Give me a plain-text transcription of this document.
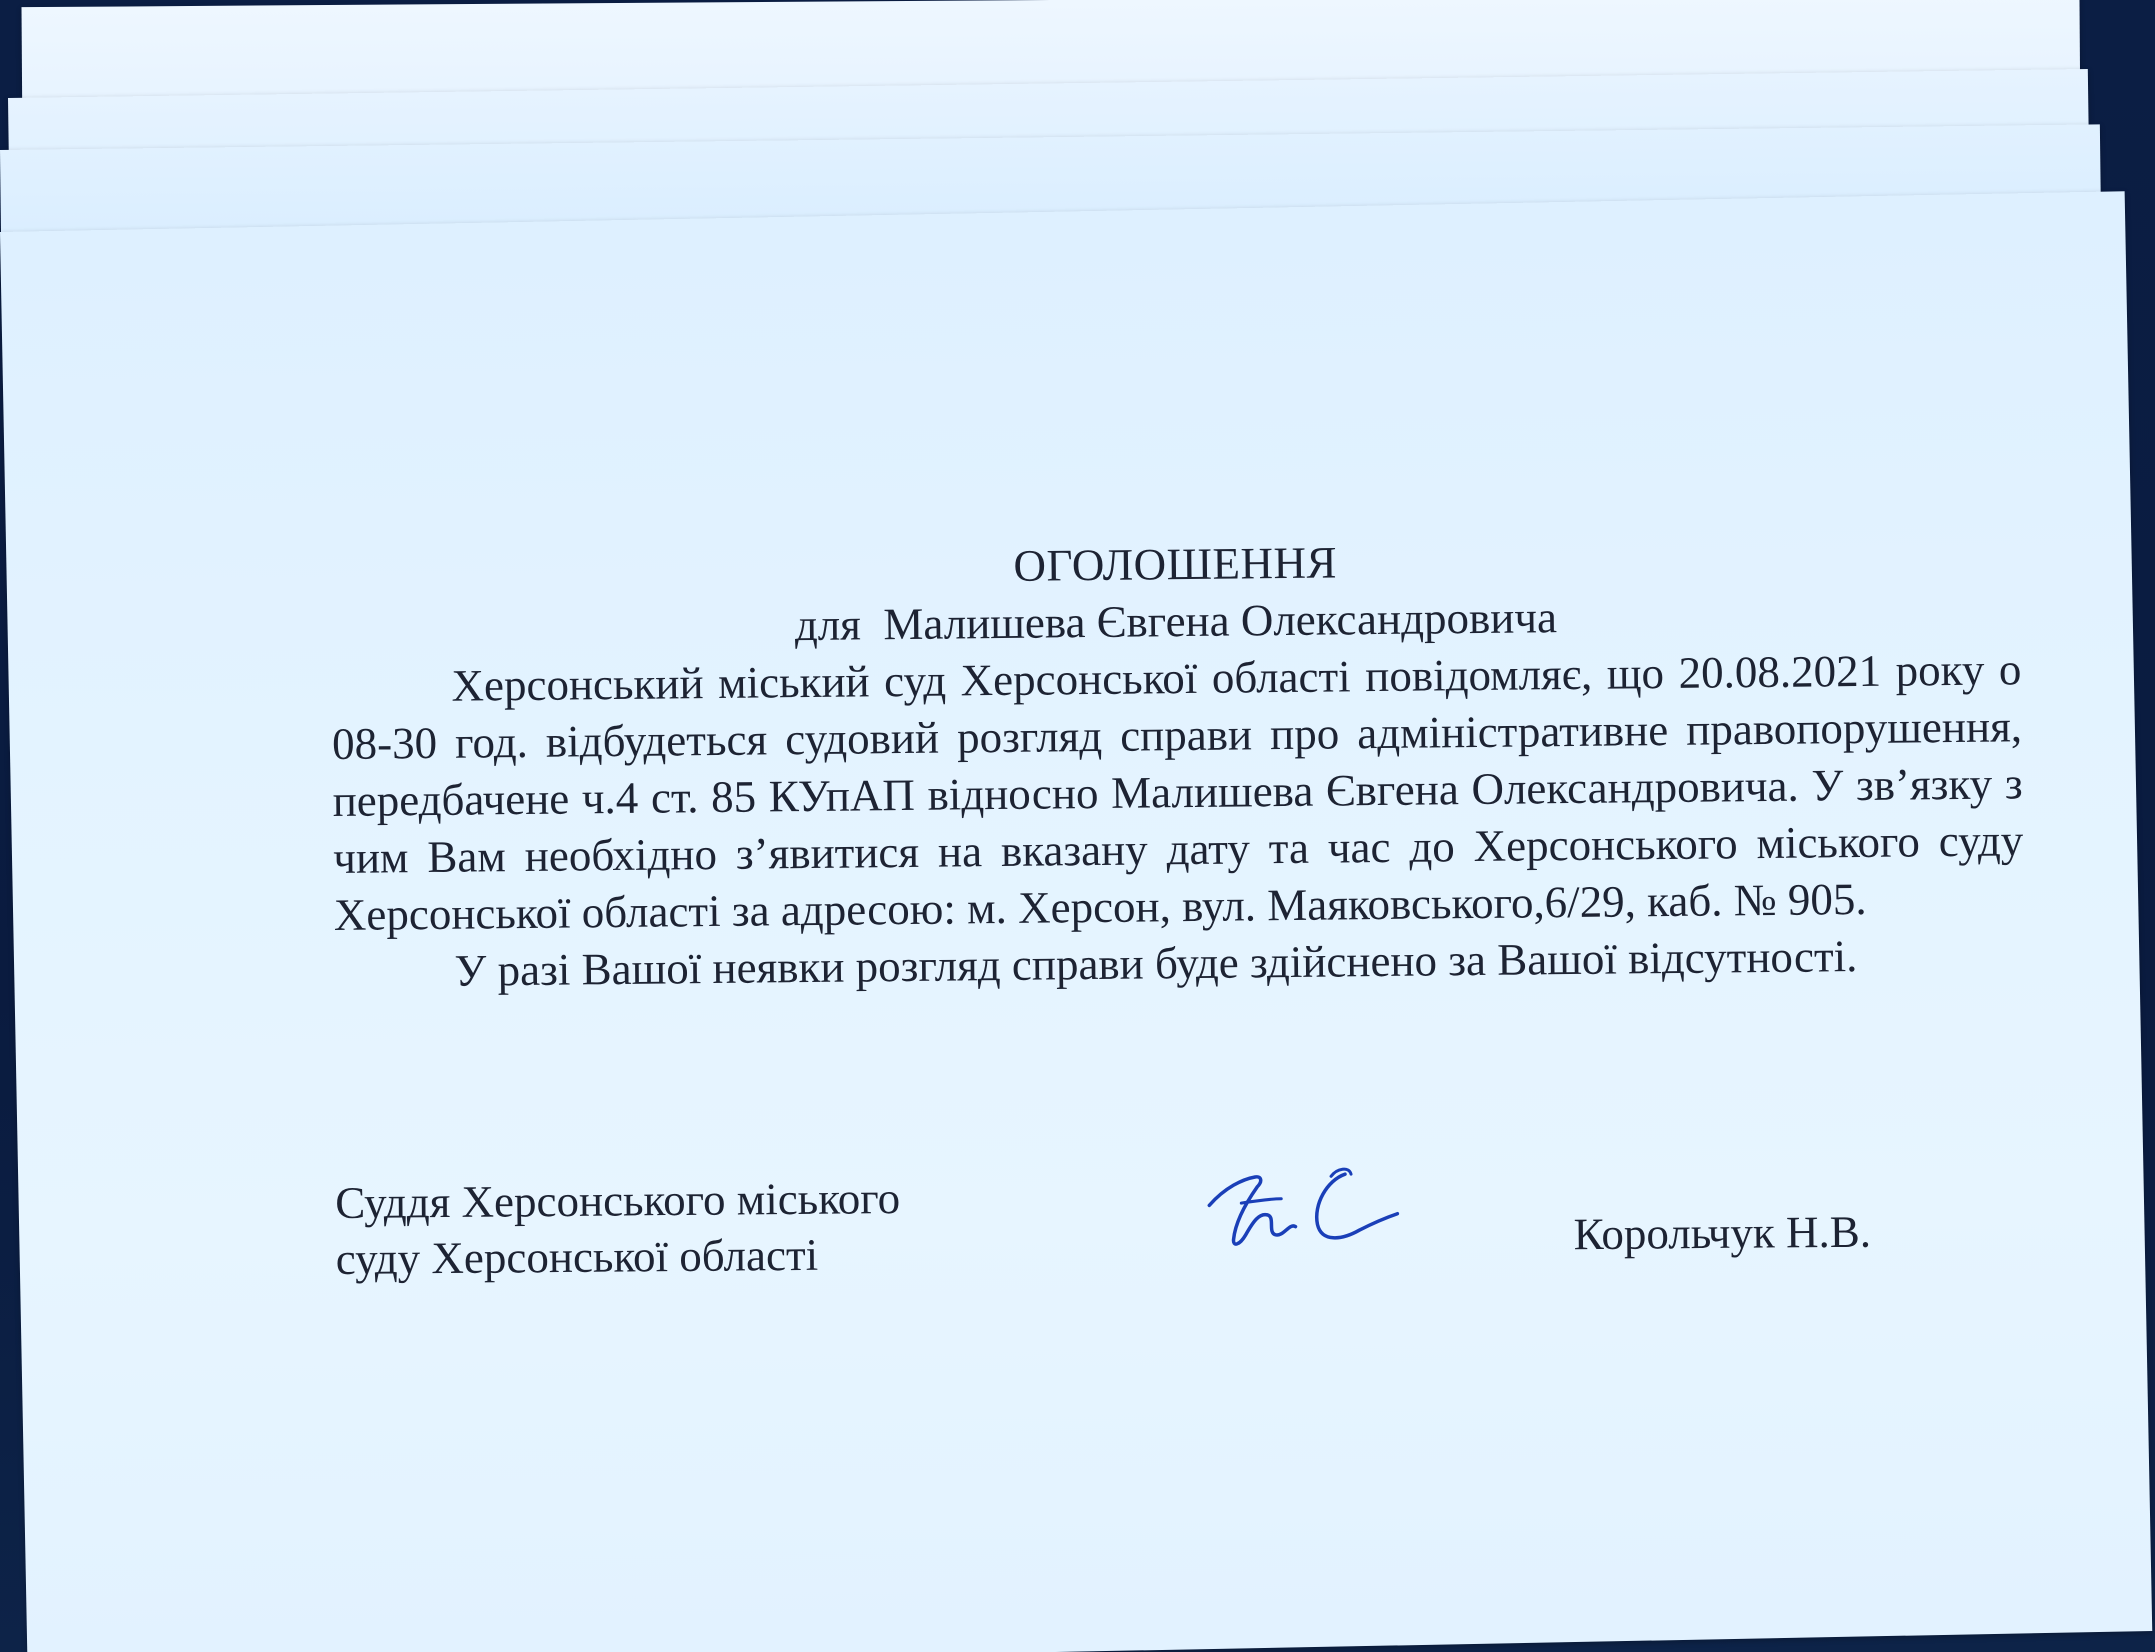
ОГОЛОШЕННЯ

для  Малишева Євгена Олександровича

Херсонський міський суд Херсонської області повідомляє, що 20.08.2021 року о 08-30 год. відбудеться судовий розгляд справи про адміністративне правопорушення, передбачене ч.4 ст. 85 КУпАП відносно Малишева Євгена Олександровича. У зв’язку з чим Вам необхідно з’явитися на вказану дату та час до Херсонського міського суду Херсонської області за адресою: м. Херсон, вул. Маяковського,6/29, каб. № 905.

У разі Вашої неявки розгляд справи буде здійснено за Вашої відсутності.

Суддя Херсонського міського
суду Херсонської області	Корольчук Н.В.
